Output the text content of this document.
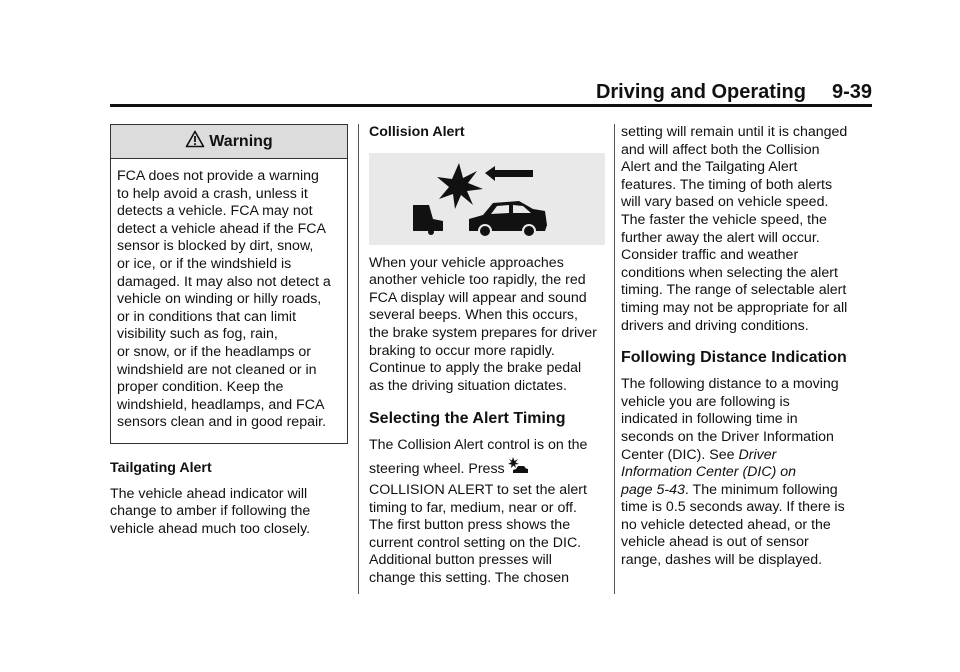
Driving and Operating 9-39
Warning

FCA does not provide a warning

to help avoid a crash, unless it

detects a vehicle. FCA may not

detect a vehicle ahead if the FCA

sensor is blocked by dirt, snow,

or ice, or if the windshield is

damaged. It may also not detect a

vehicle on winding or hilly roads,

or in conditions that can limit

visibility such as fog, rain,

or snow, or if the headlamps or

windshield are not cleaned or in

proper condition. Keep the

windshield, headlamps, and FCA

sensors clean and in good repair.

Tailgating Alert

The vehicle ahead indicator will

change to amber if following the

vehicle ahead much too closely.

Collision Alert

When your vehicle approaches

another vehicle too rapidly, the red

FCA display will appear and sound

several beeps. When this occurs,

the brake system prepares for driver

braking to occur more rapidly.

Continue to apply the brake pedal

as the driving situation dictates.

Selecting the Alert Timing

The Collision Alert control is on the

steering wheel. Press

COLLISION ALERT to set the alert

timing to far, medium, near or off.

The first button press shows the

current control setting on the DIC.

Additional button presses will

change this setting. The chosen

setting will remain until it is changed

and will affect both the Collision

Alert and the Tailgating Alert

features. The timing of both alerts

will vary based on vehicle speed.

The faster the vehicle speed, the

further away the alert will occur.

Consider traffic and weather

conditions when selecting the alert

timing. The range of selectable alert

timing may not be appropriate for all

drivers and driving conditions.

Following Distance Indication

The following distance to a moving

vehicle you are following is

indicated in following time in

seconds on the Driver Information

Center (DIC). See Driver

Information Center (DIC) on

page 5-43. The minimum following

time is 0.5 seconds away. If there is

no vehicle detected ahead, or the

vehicle ahead is out of sensor

range, dashes will be displayed.
